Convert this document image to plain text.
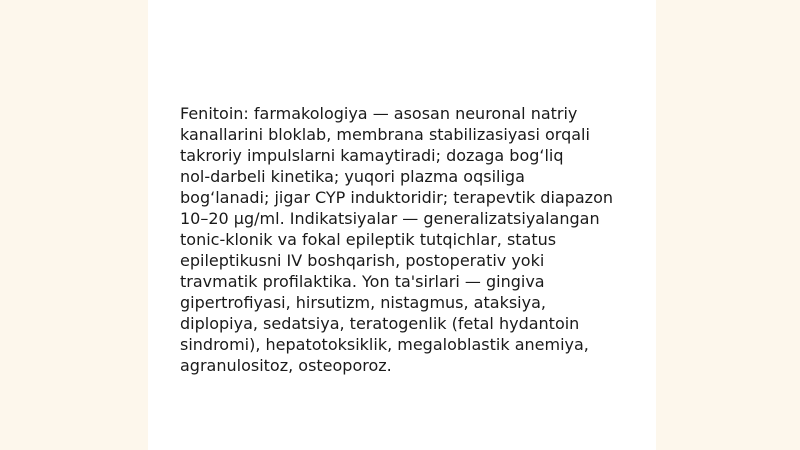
Fenitoin: farmakologiya — asosan neuronal natriy
kanallarini bloklab, membrana stabilizasiyasi orqali
takroriy impulslarni kamaytiradi; dozaga bog‘liq
nol-darbeli kinetika; yuqori plazma oqsiliga
bog‘lanadi; jigar CYP induktoridir; terapevtik diapazon
10–20 µg/ml. Indikatsiyalar — generalizatsiyalangan
tonic-klonik va fokal epileptik tutqichlar, status
epileptikusni IV boshqarish, postoperativ yoki
travmatik profilaktika. Yon ta'sirlari — gingiva
gipertrofiyasi, hirsutizm, nistagmus, ataksiya,
diplopiya, sedatsiya, teratogenlik (fetal hydantoin
sindromi), hepatotoksiklik, megaloblastik anemiya,
agranulositoz, osteoporoz.
